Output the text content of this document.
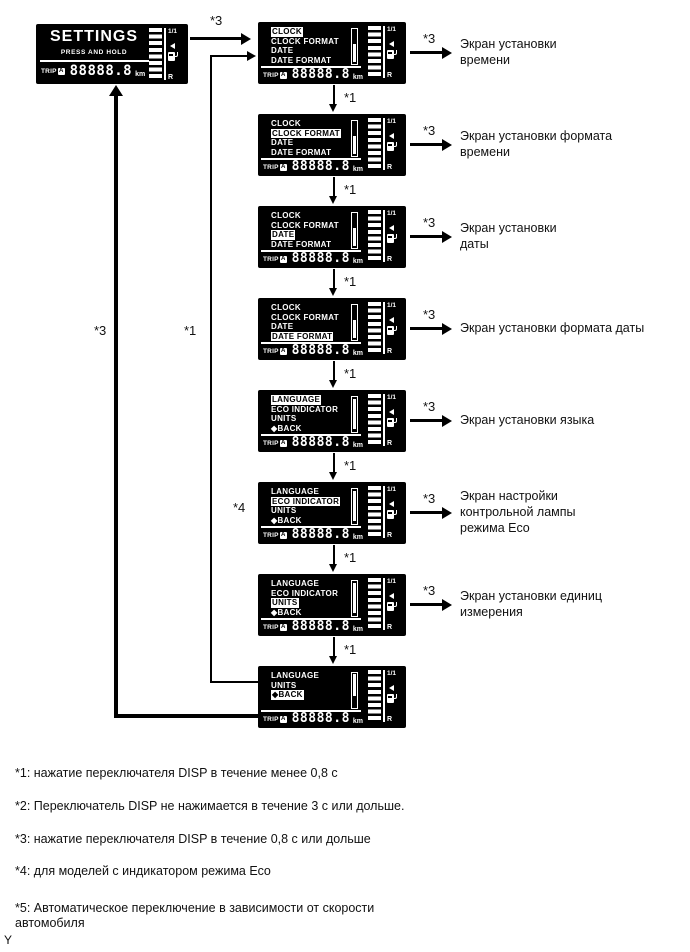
SETTINGS
PRESS AND HOLD
TRIP A 88888.8 km
1/1
R
*3
CLOCK
CLOCK FORMAT
DATE
DATE FORMAT
TRIP A 88888.8 km
1/1
R
CLOCK
CLOCK FORMAT
DATE
DATE FORMAT
TRIP A 88888.8 km
1/1
R
CLOCK
CLOCK FORMAT
DATE
DATE FORMAT
TRIP A 88888.8 km
1/1
R
CLOCK
CLOCK FORMAT
DATE
DATE FORMAT
TRIP A 88888.8 km
1/1
R
LANGUAGE
ECO INDICATOR
UNITS
◆BACK
TRIP A 88888.8 km
1/1
R
LANGUAGE
ECO INDICATOR
UNITS
◆BACK
TRIP A 88888.8 km
1/1
R
LANGUAGE
ECO INDICATOR
UNITS
◆BACK
TRIP A 88888.8 km
1/1
R
LANGUAGE
UNITS
◆BACK
TRIP A 88888.8 km
1/1
R
*1
*1
*1
*1
*1
*1
*1
*3 Экран установки
времени
*3 Экран установки формата
времени
*3 Экран установки
даты
*3
Экран установки формата даты
*3
Экран установки языка
*3 Экран настройки
контрольной лампы
режима Eco
*3 Экран установки единиц
измерения
*4
*3	*1
*1: нажатие переключателя DISP в течение менее 0,8 с
*2: Переключатель DISP не нажимается в течение 3 с или дольше.
*3: нажатие переключателя DISP в течение 0,8 с или дольше
*4: для моделей с индикатором режима Eco
*5: Автоматическое переключение в зависимости от скорости автомобиля
Y
